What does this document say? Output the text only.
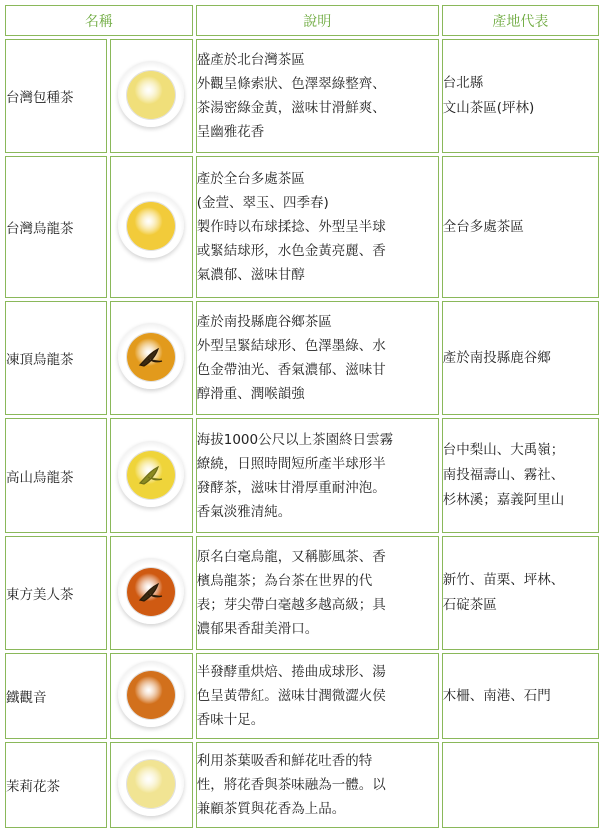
名稱		說明	產地代表
台灣包種茶		盛產於北台灣茶區
外觀呈條索狀、色澤翠綠整齊、
茶湯密綠金黃，滋味甘滑鮮爽、
呈幽雅花香	台北縣
文山茶區(坪林)

台灣烏龍茶		產於全台多處茶區
(金萱、翠玉、四季春)
製作時以布球揉捻、外型呈半球
或緊結球形，水色金黃亮麗、香
氣濃郁、滋味甘醇	全台多處茶區

凍頂烏龍茶		產於南投縣鹿谷鄉茶區
外型呈緊結球形、色澤墨綠、水
色金帶油光、香氣濃郁、滋味甘
醇滑重、潤喉韻強	產於南投縣鹿谷鄉

高山烏龍茶		海拔1000公尺以上茶園終日雲霧
繚繞，日照時間短所產半球形半
發酵茶，滋味甘滑厚重耐沖泡。
香氣淡雅清純。	台中梨山、大禹嶺；
南投福壽山、霧社、
杉林溪；嘉義阿里山

東方美人茶		原名白毫烏龍，又稱膨風茶、香
檳烏龍茶；為台茶在世界的代
表；芽尖帶白毫越多越高級；具
濃郁果香甜美滑口。	新竹、苗栗、坪林、
石碇茶區

鐵觀音		半發酵重烘焙、捲曲成球形、湯
色呈黃帶紅。滋味甘潤微澀火侯
香味十足。	木柵、南港、石門

茉莉花茶		利用茶葉吸香和鮮花吐香的特
性，將花香與茶味融為一體。以
兼顧茶質與花香為上品。	
